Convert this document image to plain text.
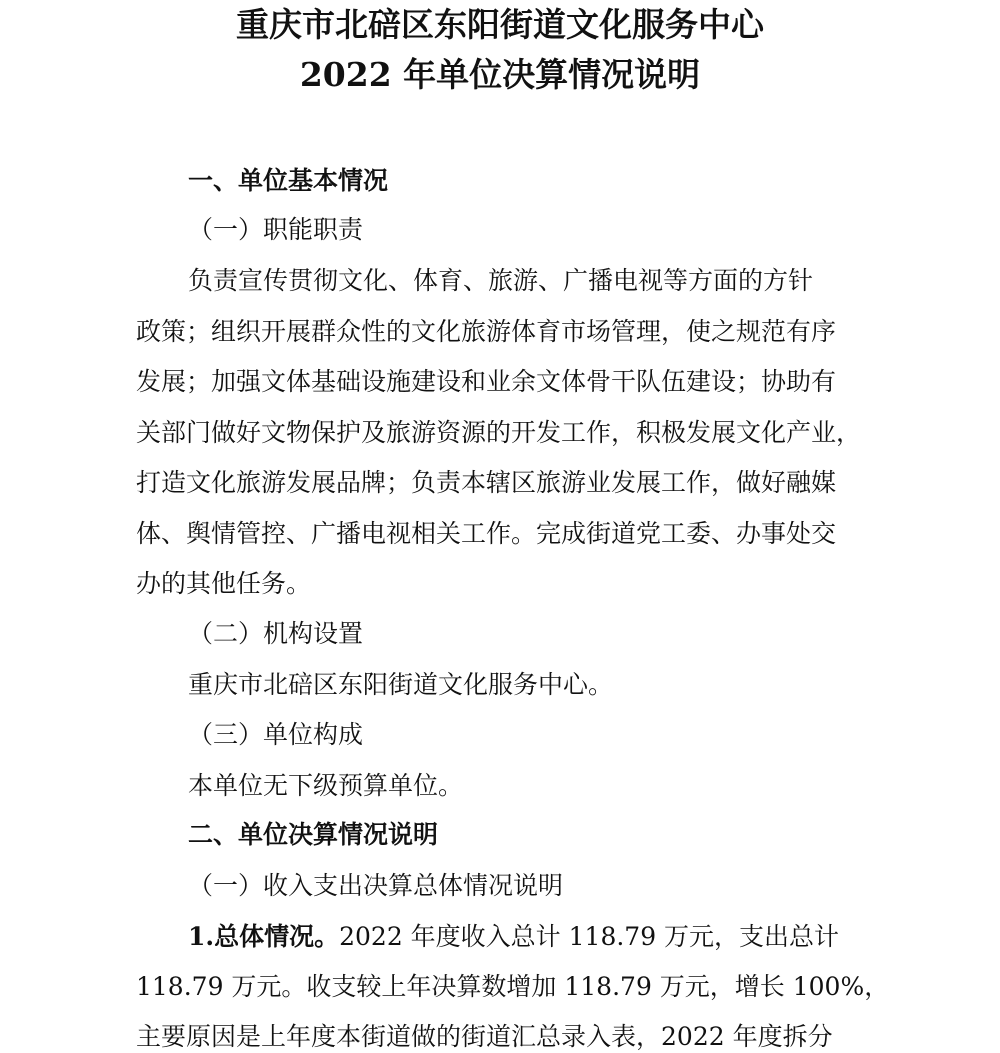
重庆市北碚区东阳街道文化服务中心
2022 年单位决算情况说明
一、单位基本情况
（一）职能职责
负责宣传贯彻文化、体育、旅游、广播电视等方面的方针
政策；组织开展群众性的文化旅游体育市场管理，使之规范有序
发展；加强文体基础设施建设和业余文体骨干队伍建设；协助有
关部门做好文物保护及旅游资源的开发工作，积极发展文化产业，
打造文化旅游发展品牌；负责本辖区旅游业发展工作，做好融媒
体、舆情管控、广播电视相关工作。完成街道党工委、办事处交
办的其他任务。
（二）机构设置
重庆市北碚区东阳街道文化服务中心。
（三）单位构成
本单位无下级预算单位。
二、单位决算情况说明
（一）收入支出决算总体情况说明
1.总体情况。2022 年度收入总计 118.79 万元，支出总计
118.79 万元。收支较上年决算数增加 118.79 万元，增长 100%，
主要原因是上年度本街道做的街道汇总录入表，2022 年度拆分
